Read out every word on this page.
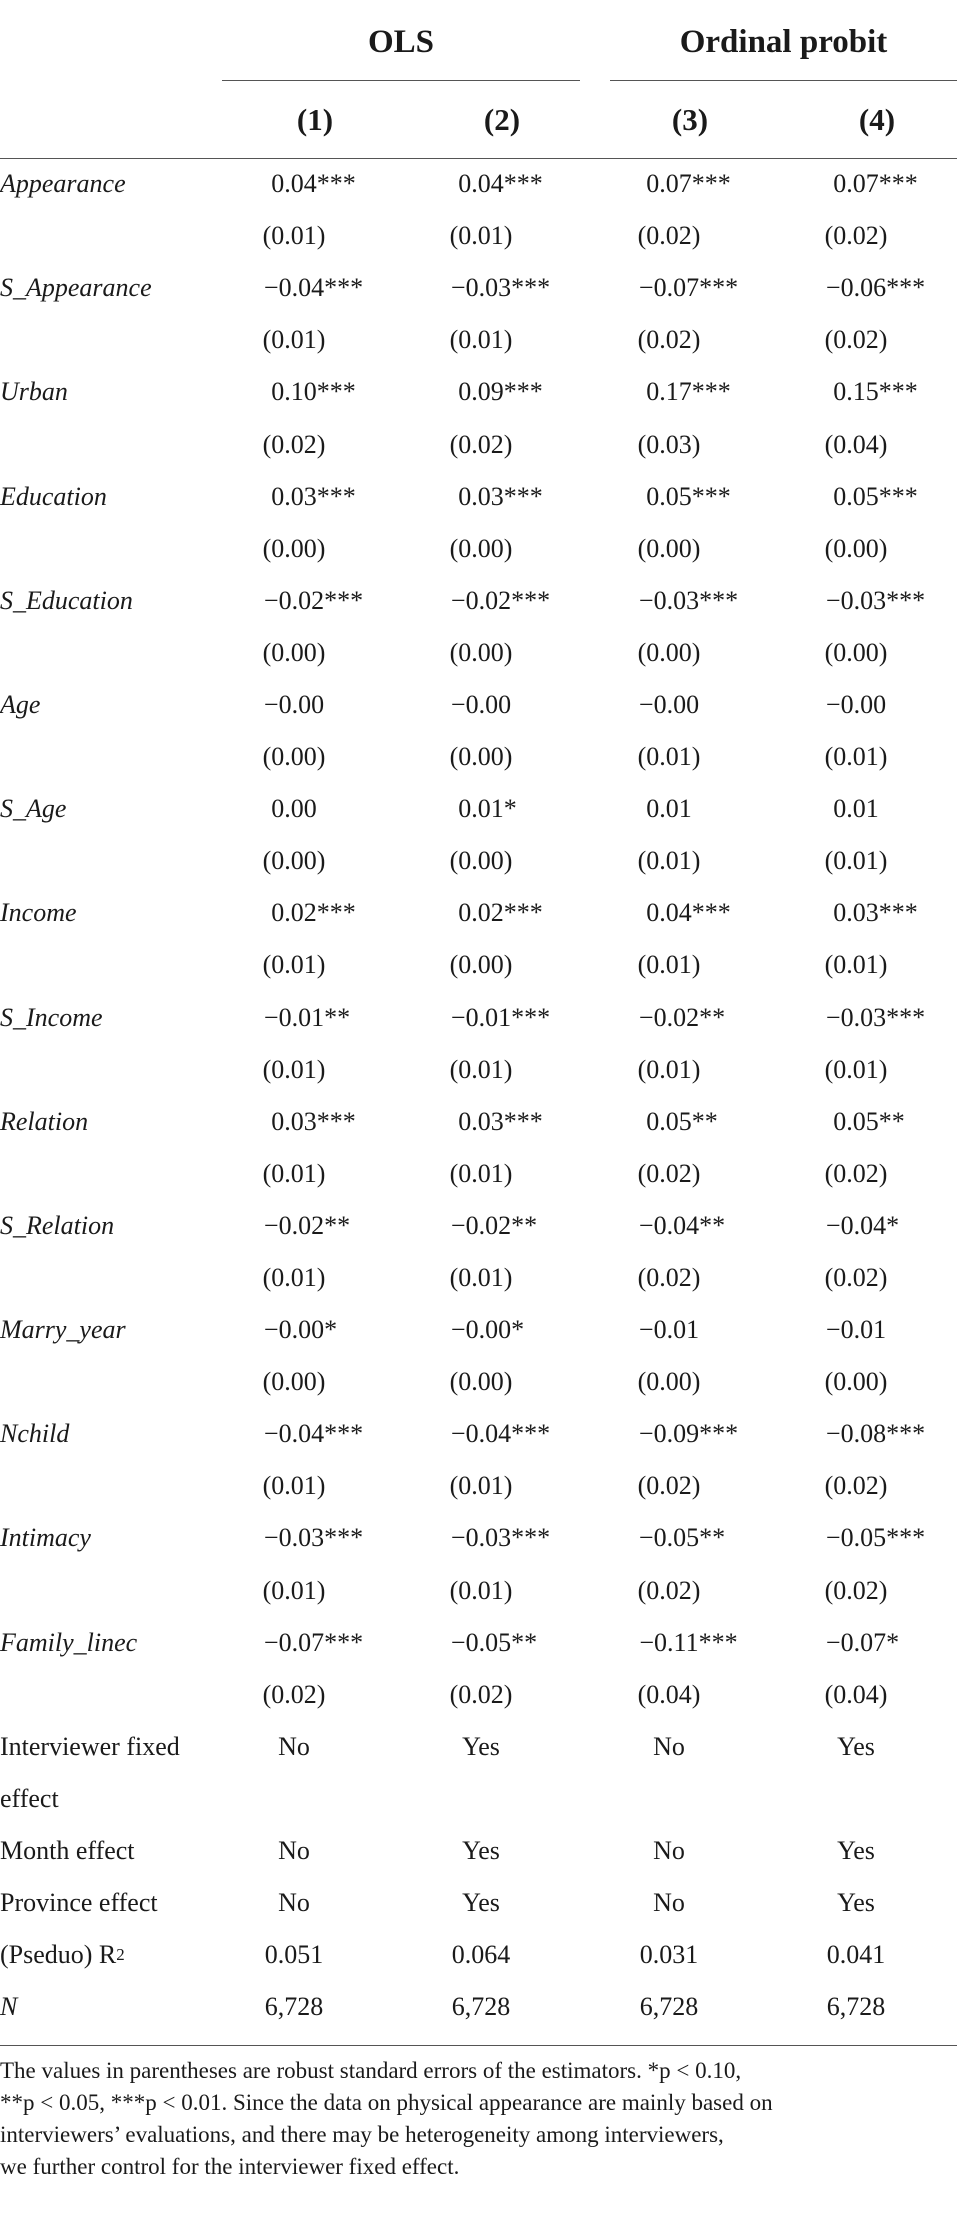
OLS	Ordinal probit
(1)	(2)	(3)	(4)
Appearance	0.04 ***	0.04 ***	0.07 ***	0.07 ***
(0.01)	(0.01)	(0.02)	(0.02)
S_Appearance	−0.04 ***	−0.03 ***	−0.07 ***	−0.06 ***
(0.01)	(0.01)	(0.02)	(0.02)
Urban	0.10 ***	0.09 ***	0.17 ***	0.15 ***
(0.02)	(0.02)	(0.03)	(0.04)
Education	0.03 ***	0.03 ***	0.05 ***	0.05 ***
(0.00)	(0.00)	(0.00)	(0.00)
S_Education	−0.02 ***	−0.02 ***	−0.03 ***	−0.03 ***
(0.00)	(0.00)	(0.00)	(0.00)
Age	−0.00	−0.00	−0.00	−0.00
(0.00)	(0.00)	(0.01)	(0.01)
S_Age	0.00	0.01 *	0.01	0.01
(0.00)	(0.00)	(0.01)	(0.01)
Income	0.02 ***	0.02 ***	0.04 ***	0.03 ***
(0.01)	(0.00)	(0.01)	(0.01)
S_Income	−0.01 **	−0.01 ***	−0.02 **	−0.03 ***
(0.01)	(0.01)	(0.01)	(0.01)
Relation	0.03 ***	0.03 ***	0.05 **	0.05 **
(0.01)	(0.01)	(0.02)	(0.02)
S_Relation	−0.02 **	−0.02 **	−0.04 **	−0.04 *
(0.01)	(0.01)	(0.02)	(0.02)
Marry_year	−0.00 *	−0.00 *	−0.01	−0.01
(0.00)	(0.00)	(0.00)	(0.00)
Nchild	−0.04 ***	−0.04 ***	−0.09 ***	−0.08 ***
(0.01)	(0.01)	(0.02)	(0.02)
Intimacy	−0.03 ***	−0.03 ***	−0.05 **	−0.05 ***
(0.01)	(0.01)	(0.02)	(0.02)
Family_linec	−0.07 ***	−0.05 **	−0.11 ***	−0.07 *
(0.02)	(0.02)	(0.04)	(0.04)
Interviewer fixed	No	Yes	No	Yes
effect
Month effect	No	Yes	No	Yes
Province effect	No	Yes	No	Yes
(Pseduo) R 2	0.051	0.064	0.031	0.041
N	6,728	6,728	6,728	6,728
The values in parentheses are robust standard errors of the estimators. *p < 0.10,
**p < 0.05, ***p < 0.01. Since the data on physical appearance are mainly based on
interviewers’ evaluations, and there may be heterogeneity among interviewers,
we further control for the interviewer fixed effect.
